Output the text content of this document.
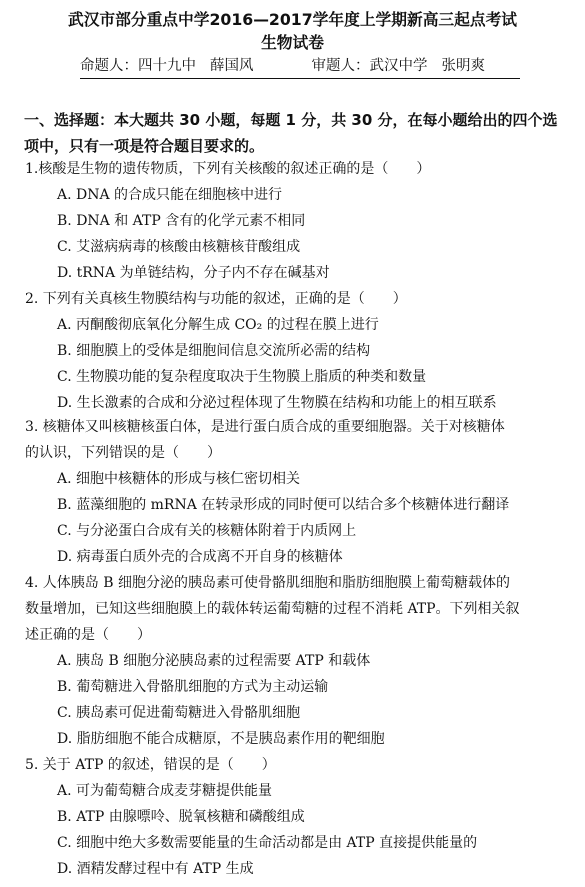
武汉市部分重点中学2016—2017学年度上学期新高三起点考试
生物试卷
命题人：四十九中 薛国风	审题人：武汉中学 张明爽
一、选择题：本大题共 30 小题，每题 1 分，共 30 分，在每小题给出的四个选
项中，只有一项是符合题目要求的。
1.核酸是生物的遗传物质，下列有关核酸的叙述正确的是（　　）
A. DNA 的合成只能在细胞核中进行
B. DNA 和 ATP 含有的化学元素不相同
C. 艾滋病病毒的核酸由核糖核苷酸组成
D. tRNA 为单链结构，分子内不存在碱基对
2. 下列有关真核生物膜结构与功能的叙述，正确的是（　　）
A. 丙酮酸彻底氧化分解生成 CO₂ 的过程在膜上进行
B. 细胞膜上的受体是细胞间信息交流所必需的结构
C. 生物膜功能的复杂程度取决于生物膜上脂质的种类和数量
D. 生长激素的合成和分泌过程体现了生物膜在结构和功能上的相互联系
3. 核糖体又叫核糖核蛋白体，是进行蛋白质合成的重要细胞器。关于对核糖体
的认识，下列错误的是（　　）
A. 细胞中核糖体的形成与核仁密切相关
B. 蓝藻细胞的 mRNA 在转录形成的同时便可以结合多个核糖体进行翻译
C. 与分泌蛋白合成有关的核糖体附着于内质网上
D. 病毒蛋白质外壳的合成离不开自身的核糖体
4. 人体胰岛 B 细胞分泌的胰岛素可使骨骼肌细胞和脂肪细胞膜上葡萄糖载体的
数量增加，已知这些细胞膜上的载体转运葡萄糖的过程不消耗 ATP。下列相关叙
述正确的是（　　）
A. 胰岛 B 细胞分泌胰岛素的过程需要 ATP 和载体
B. 葡萄糖进入骨骼肌细胞的方式为主动运输
C. 胰岛素可促进葡萄糖进入骨骼肌细胞
D. 脂肪细胞不能合成糖原，不是胰岛素作用的靶细胞
5. 关于 ATP 的叙述，错误的是（　　）
A. 可为葡萄糖合成麦芽糖提供能量
B. ATP 由腺嘌呤、脱氧核糖和磷酸组成
C. 细胞中绝大多数需要能量的生命活动都是由 ATP 直接提供能量的
D. 酒精发酵过程中有 ATP 生成
